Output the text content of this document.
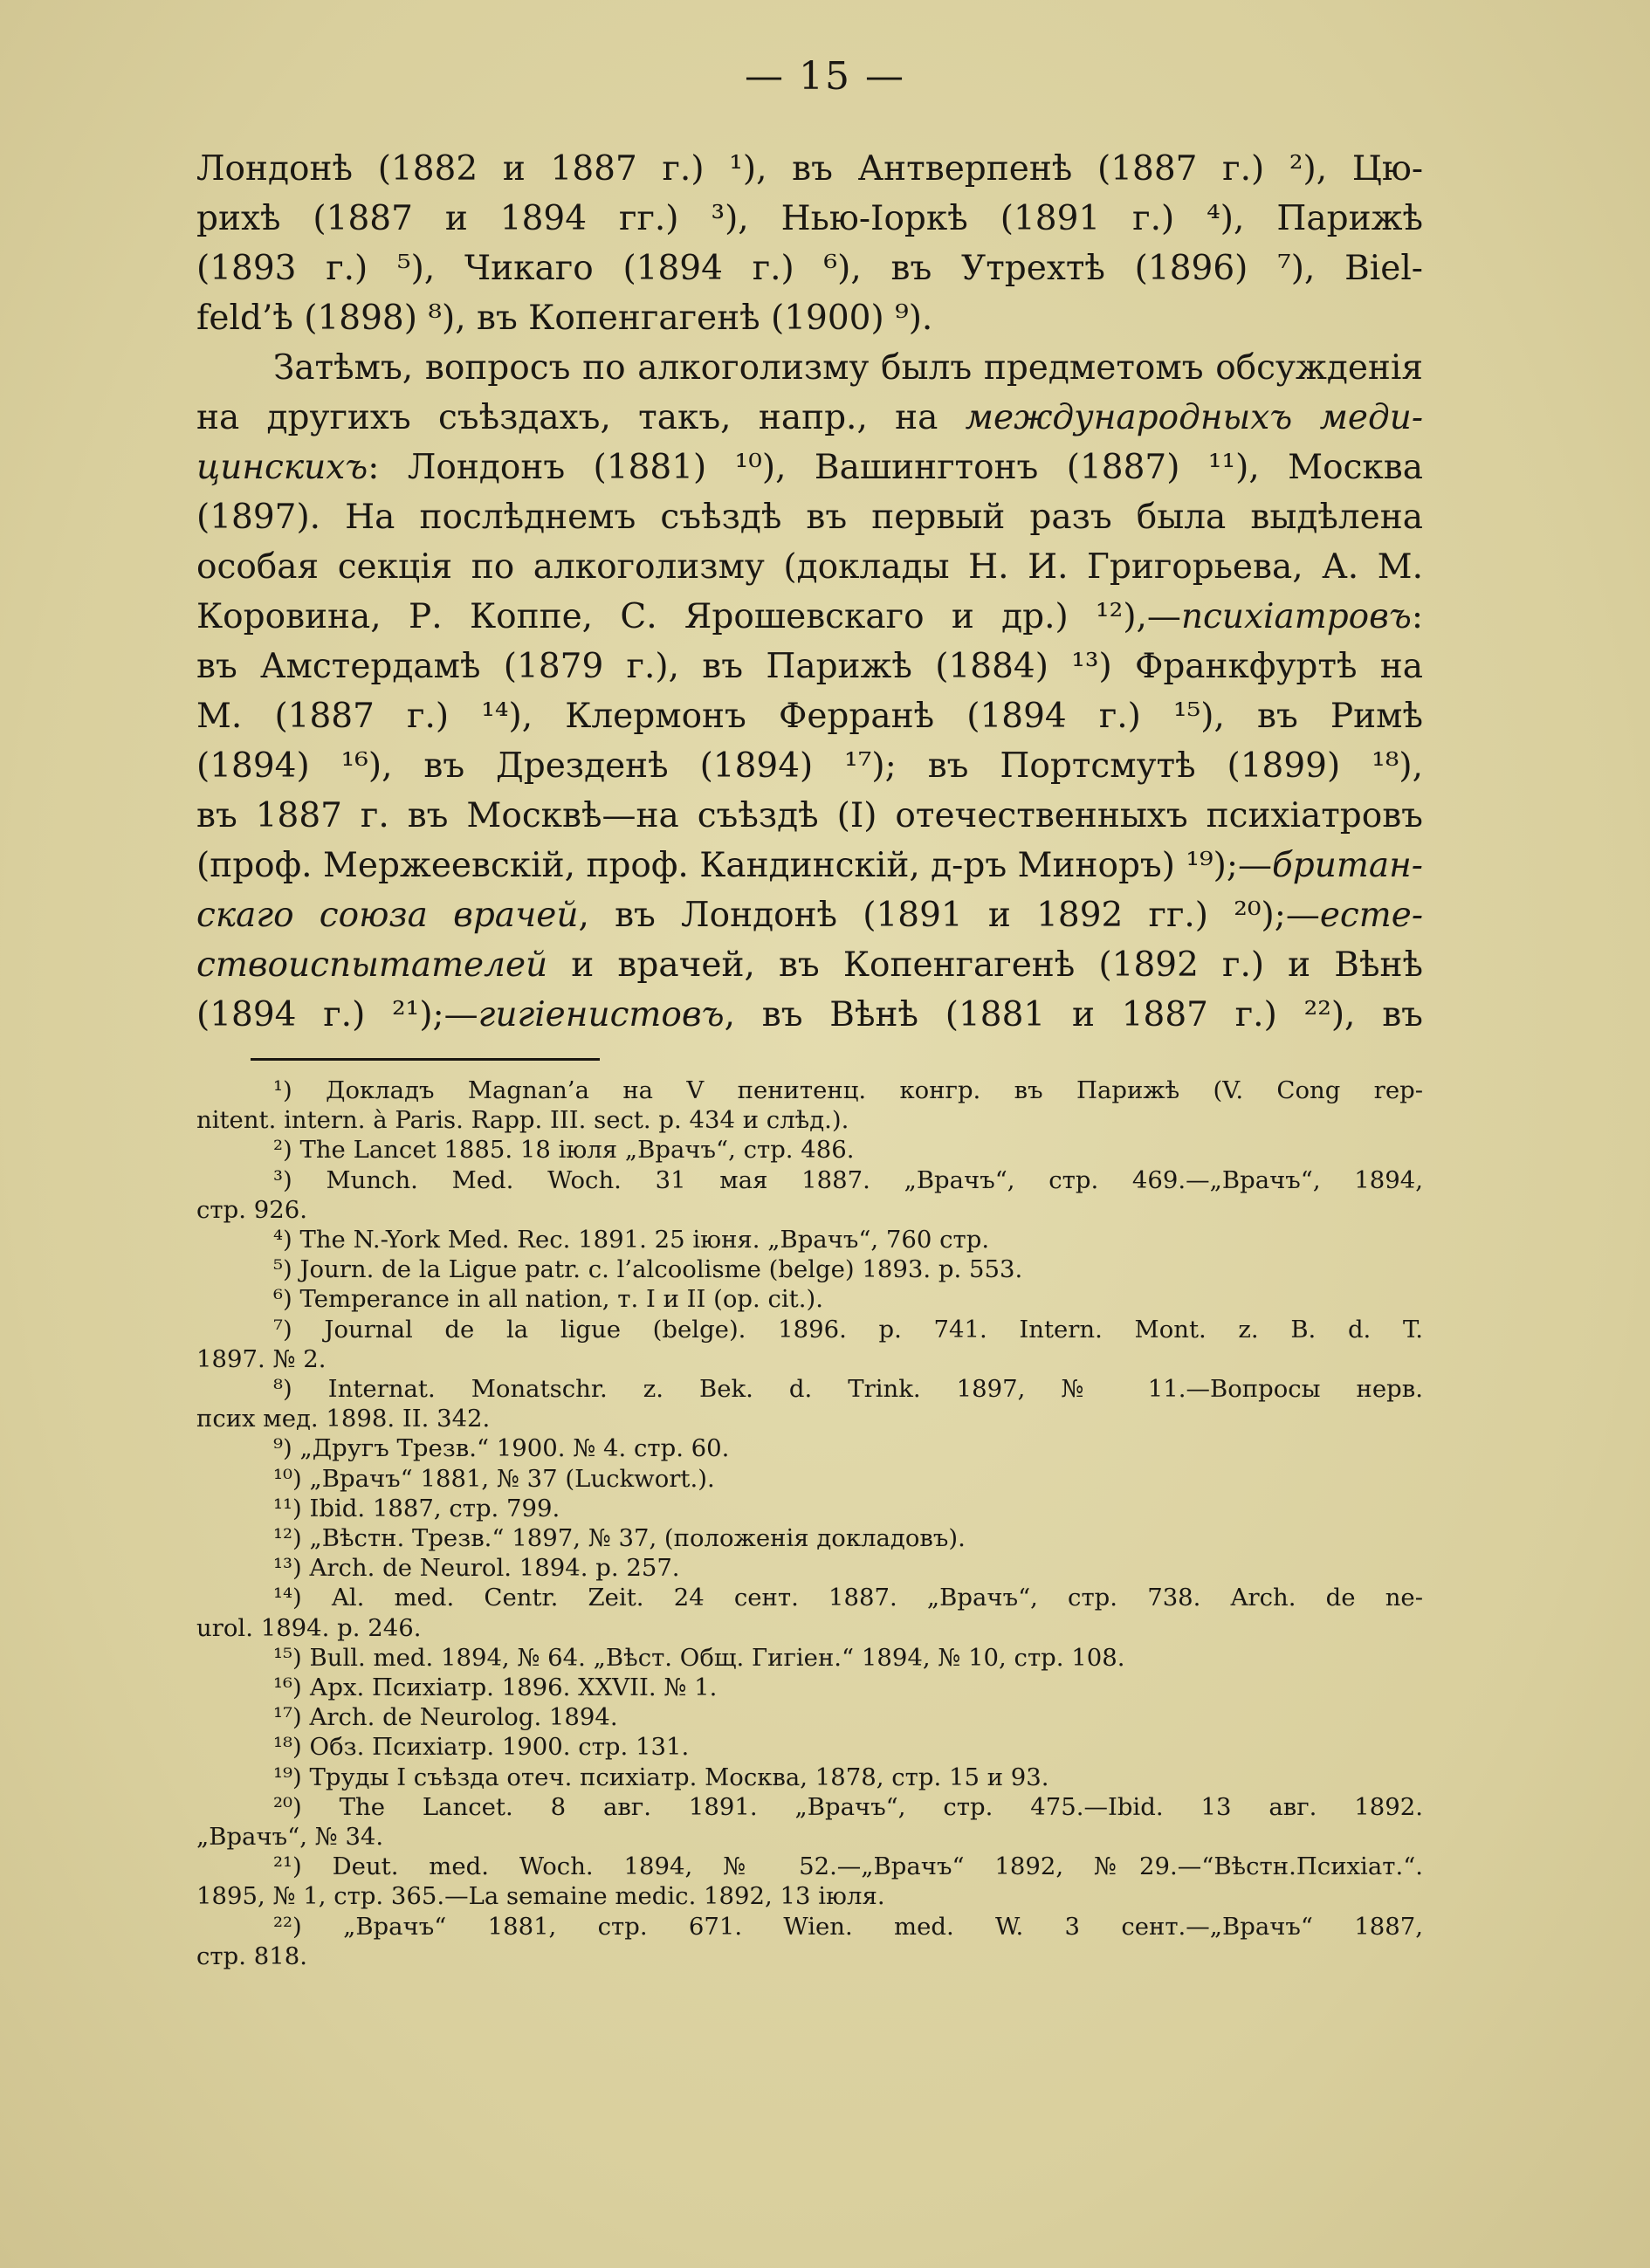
— 15 —
Лондонѣ (1882 и 1887 г.) ¹), въ Антверпенѣ (1887 г.) ²), Цю-
рихѣ (1887 и 1894 гг.) ³), Нью-Іоркѣ (1891 г.) ⁴), Парижѣ
(1893 г.) ⁵), Чикаго (1894 г.) ⁶), въ Утрехтѣ (1896) ⁷), Biel-
feld’ѣ (1898) ⁸), въ Копенгагенѣ (1900) ⁹).
Затѣмъ, вопросъ по алкоголизму былъ предметомъ обсужденія
на другихъ съѣздахъ, такъ, напр., на международныхъ меди-
цинскихъ: Лондонъ (1881) ¹⁰), Вашингтонъ (1887) ¹¹), Москва
(1897). На послѣднемъ съѣздѣ въ первый разъ была выдѣлена
особая секція по алкоголизму (доклады Н. И. Григорьева, А. М.
Коровина, Р. Коппе, С. Ярошевскаго и др.) ¹²),—психіатровъ:
въ Амстердамѣ (1879 г.), въ Парижѣ (1884) ¹³) Франкфуртѣ на
М. (1887 г.) ¹⁴), Клермонъ Ферранѣ (1894 г.) ¹⁵), въ Римѣ
(1894) ¹⁶), въ Дрезденѣ (1894) ¹⁷); въ Портсмутѣ (1899) ¹⁸),
въ 1887 г. въ Москвѣ—на съѣздѣ (I) отечественныхъ психіатровъ
(проф. Мержеевскій, проф. Кандинскій, д-ръ Миноръ) ¹⁹);—британ-
скаго союза врачей, въ Лондонѣ (1891 и 1892 гг.) ²⁰);—есте-
ствоиспытателей и врачей, въ Копенгагенѣ (1892 г.) и Вѣнѣ
(1894 г.) ²¹);—гигіенистовъ, въ Вѣнѣ (1881 и 1887 г.) ²²), въ
¹) Докладъ Magnan’a на V пенитенц. конгр. въ Парижѣ (V. Cong rep-
nitent. intern. à Paris. Rapp. III. sect. p. 434 и слѣд.).
²) The Lancet 1885. 18 іюля „Врачъ“, стр. 486.
³) Munch. Med. Woch. 31 мая 1887. „Врачъ“, стр. 469.—„Врачъ“, 1894,
стр. 926.
⁴) The N.-York Med. Rec. 1891. 25 іюня. „Врачъ“, 760 стр.
⁵) Journ. de la Ligue patr. c. l’alcoolisme (belge) 1893. p. 553.
⁶) Temperance in all nation, т. I и II (op. cit.).
⁷) Journal de la ligue (belge). 1896. p. 741. Intern. Mont. z. B. d. T.
1897. № 2.
⁸) Internat. Monatschr. z. Bek. d. Trink. 1897, № 11.—Вопросы нерв.
псих мед. 1898. II. 342.
⁹) „Другъ Трезв.“ 1900. № 4. стр. 60.
¹⁰) „Врачъ“ 1881, № 37 (Luckwort.).
¹¹) Ibid. 1887, стр. 799.
¹²) „Вѣстн. Трезв.“ 1897, № 37, (положенія докладовъ).
¹³) Arch. de Neurol. 1894. p. 257.
¹⁴) Al. med. Centr. Zeit. 24 сент. 1887. „Врачъ“, стр. 738. Arch. de ne-
urol. 1894. p. 246.
¹⁵) Bull. med. 1894, № 64. „Вѣст. Общ. Гигіен.“ 1894, № 10, стр. 108.
¹⁶) Арх. Психіатр. 1896. XXVII. № 1.
¹⁷) Arch. de Neurolog. 1894.
¹⁸) Обз. Психіатр. 1900. стр. 131.
¹⁹) Труды I съѣзда отеч. психіатр. Москва, 1878, стр. 15 и 93.
²⁰) The Lancet. 8 авг. 1891. „Врачъ“, стр. 475.—Ibid. 13 авг. 1892.
„Врачъ“, № 34.
²¹) Deut. med. Woch. 1894, № 52.—„Врачъ“ 1892, №29.—“Вѣстн.Психіат.“.
1895, № 1, стр. 365.—La semaine medic. 1892, 13 іюля.
²²) „Врачъ“ 1881, стр. 671. Wien. med. W. 3 сент.—„Врачъ“ 1887,
стр. 818.
